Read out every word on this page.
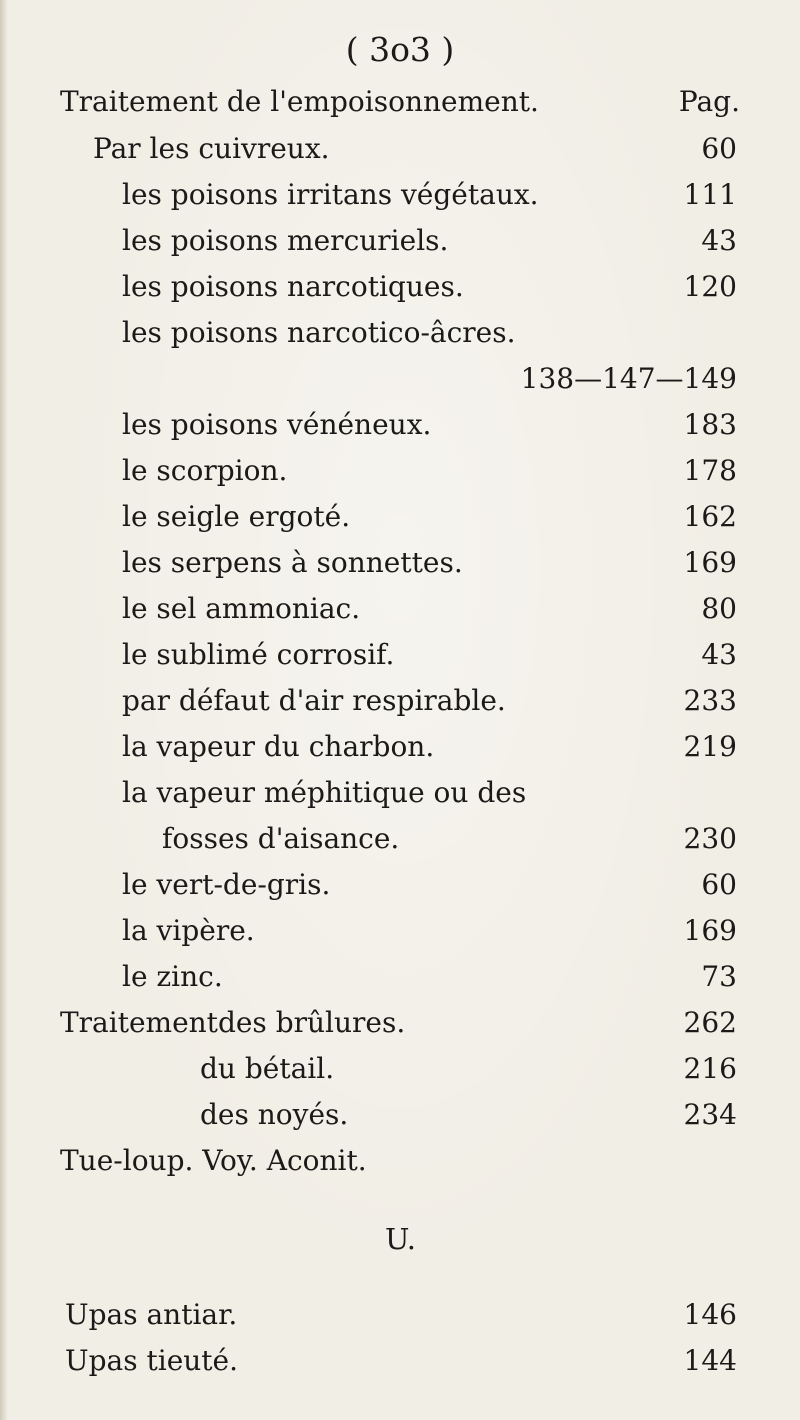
( 3o3 )
Traitement de l'empoisonnement.	Pag.
Par les cuivreux.	60
les poisons irritans végétaux.	111
les poisons mercuriels.	43
les poisons narcotiques.	120
les poisons narcotico-âcres.
138—147—149
les poisons vénéneux.	183
le scorpion.	178
le seigle ergoté.	162
les serpens à sonnettes.	169
le sel ammoniac.	80
le sublimé corrosif.	43
par défaut d'air respirable.	233
la vapeur du charbon.	219
la vapeur méphitique ou des
fosses d'aisance.	230
le vert-de-gris.	60
la vipère.	169
le zinc.	73
Traitementdes brûlures.	262
du bétail.	216
des noyés.	234
Tue-loup. Voy. Aconit.
U.
Upas antiar.	146
Upas tieuté.	144
